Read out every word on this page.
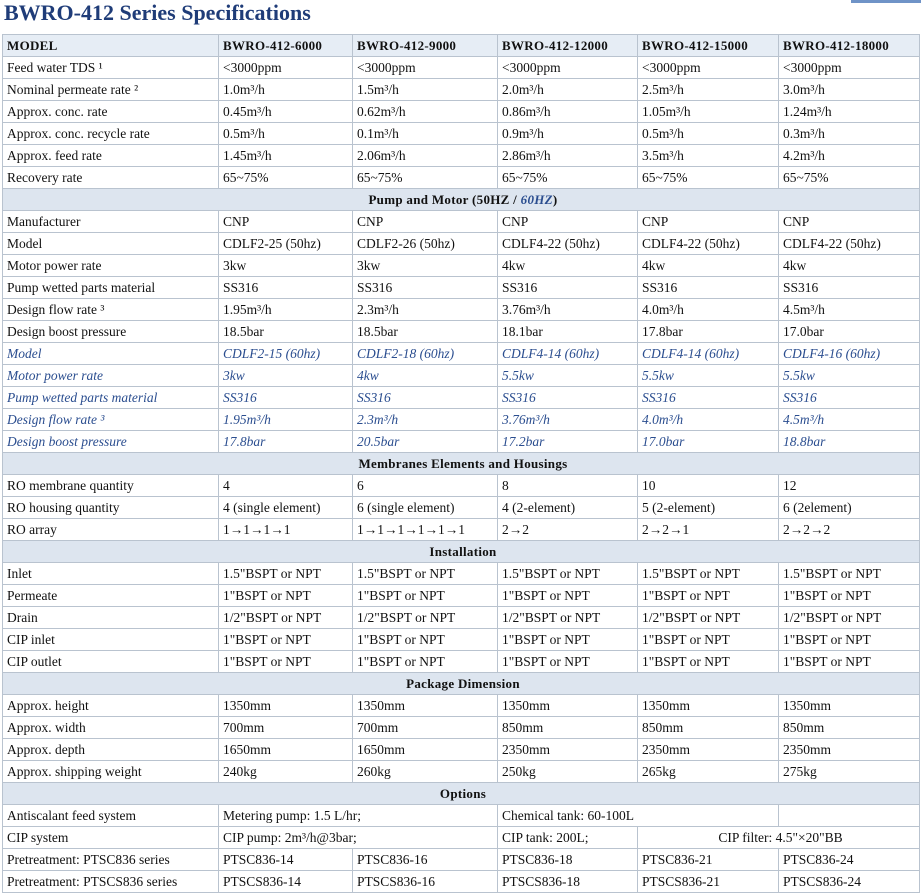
BWRO-412 Series Specifications
MODEL	BWRO-412-6000	BWRO-412-9000	BWRO-412-12000	BWRO-412-15000	BWRO-412-18000
Feed water TDS ¹	<3000ppm	<3000ppm	<3000ppm	<3000ppm	<3000ppm
Nominal permeate rate ²	1.0m³/h	1.5m³/h	2.0m³/h	2.5m³/h	3.0m³/h
Approx. conc. rate	0.45m³/h	0.62m³/h	0.86m³/h	1.05m³/h	1.24m³/h
Approx. conc. recycle rate	0.5m³/h	0.1m³/h	0.9m³/h	0.5m³/h	0.3m³/h
Approx. feed rate	1.45m³/h	2.06m³/h	2.86m³/h	3.5m³/h	4.2m³/h
Recovery rate	65~75%	65~75%	65~75%	65~75%	65~75%
Pump and Motor (50HZ / 60HZ)					
Manufacturer	CNP	CNP	CNP	CNP	CNP
Model	CDLF2-25 (50hz)	CDLF2-26 (50hz)	CDLF4-22 (50hz)	CDLF4-22 (50hz)	CDLF4-22 (50hz)
Motor power rate	3kw	3kw	4kw	4kw	4kw
Pump wetted parts material	SS316	SS316	SS316	SS316	SS316
Design flow rate ³	1.95m³/h	2.3m³/h	3.76m³/h	4.0m³/h	4.5m³/h
Design boost pressure	18.5bar	18.5bar	18.1bar	17.8bar	17.0bar
Model	CDLF2-15 (60hz)	CDLF2-18 (60hz)	CDLF4-14 (60hz)	CDLF4-14 (60hz)	CDLF4-16 (60hz)
Motor power rate	3kw	4kw	5.5kw	5.5kw	5.5kw
Pump wetted parts material	SS316	SS316	SS316	SS316	SS316
Design flow rate ³	1.95m³/h	2.3m³/h	3.76m³/h	4.0m³/h	4.5m³/h
Design boost pressure	17.8bar	20.5bar	17.2bar	17.0bar	18.8bar
Membranes Elements and Housings					
RO membrane quantity	4	6	8	10	12
RO housing quantity	4 (single element)	6 (single element)	4 (2-element)	5 (2-element)	6 (2element)
RO array	1→1→1→1	1→1→1→1→1→1	2→2	2→2→1	2→2→2
Installation					
Inlet	1.5"BSPT or NPT	1.5"BSPT or NPT	1.5"BSPT or NPT	1.5"BSPT or NPT	1.5"BSPT or NPT
Permeate	1"BSPT or NPT	1"BSPT or NPT	1"BSPT or NPT	1"BSPT or NPT	1"BSPT or NPT
Drain	1/2"BSPT or NPT	1/2"BSPT or NPT	1/2"BSPT or NPT	1/2"BSPT or NPT	1/2"BSPT or NPT
CIP inlet	1"BSPT or NPT	1"BSPT or NPT	1"BSPT or NPT	1"BSPT or NPT	1"BSPT or NPT
CIP outlet	1"BSPT or NPT	1"BSPT or NPT	1"BSPT or NPT	1"BSPT or NPT	1"BSPT or NPT
Package Dimension					
Approx. height	1350mm	1350mm	1350mm	1350mm	1350mm
Approx. width	700mm	700mm	850mm	850mm	850mm
Approx. depth	1650mm	1650mm	2350mm	2350mm	2350mm
Approx. shipping weight	240kg	260kg	250kg	265kg	275kg
Options					
Antiscalant feed system	Metering pump: 1.5 L/hr;		Chemical tank: 60-100L		
CIP system	CIP pump: 2m³/h@3bar;		CIP tank: 200L;	CIP filter: 4.5"×20"BB	
Pretreatment: PTSC836 series	PTSC836-14	PTSC836-16	PTSC836-18	PTSC836-21	PTSC836-24
Pretreatment: PTSCS836 series	PTSCS836-14	PTSCS836-16	PTSCS836-18	PTSCS836-21	PTSCS836-24
